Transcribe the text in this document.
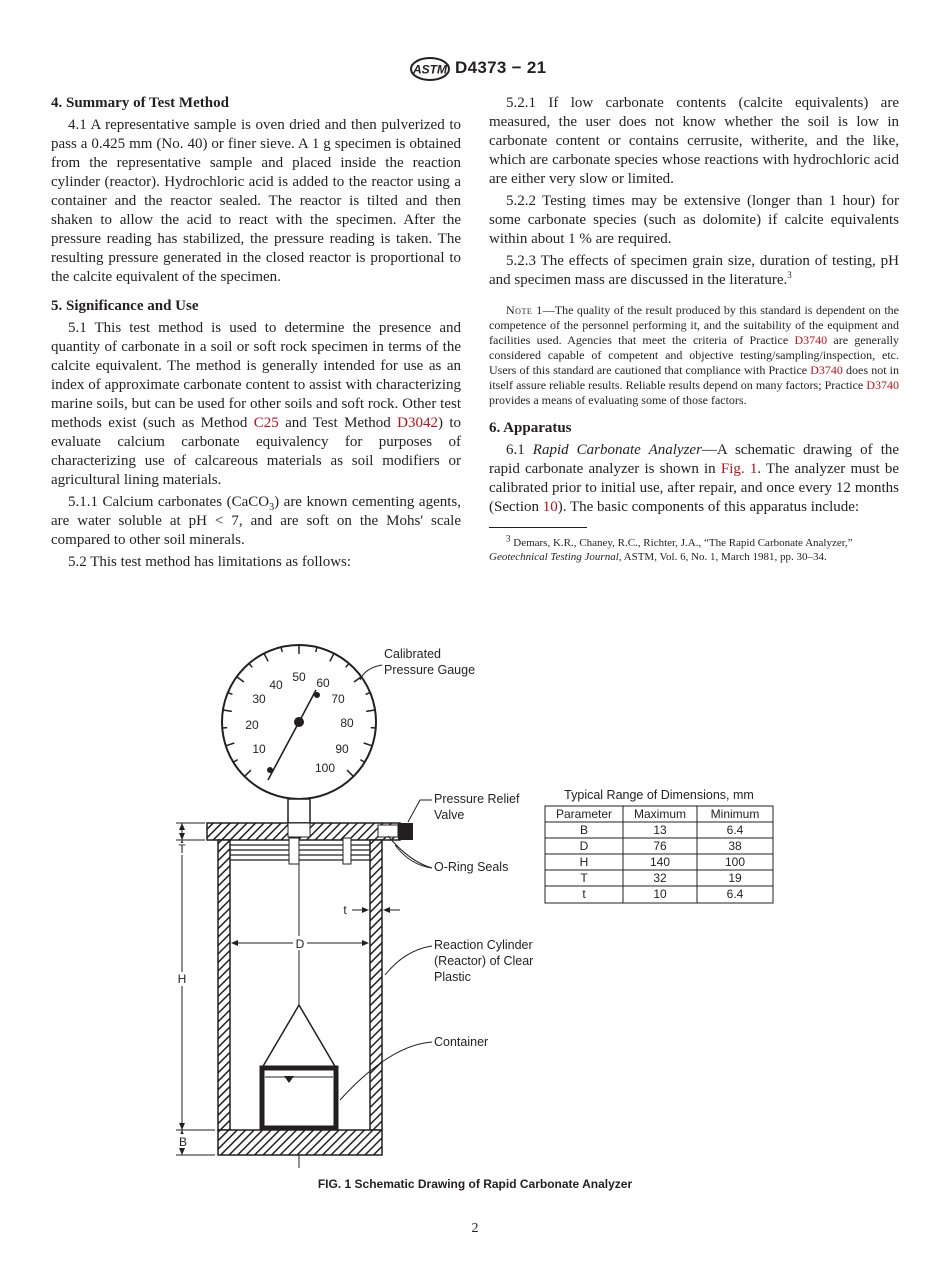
ASTM D4373 − 21
4. Summary of Test Method

4.1 A representative sample is oven dried and then pulverized to pass a 0.425 mm (No. 40) or finer sieve. A 1 g specimen is obtained from the representative sample and placed inside the reaction cylinder (reactor). Hydrochloric acid is added to the reactor using a container and the reactor sealed. The reactor is tilted and then shaken to allow the acid to react with the specimen. After the pressure reading has stabilized, the pressure reading is taken. The resulting pressure generated in the closed reactor is proportional to the calcite equivalent of the specimen.

5. Significance and Use

5.1 This test method is used to determine the presence and quantity of carbonate in a soil or soft rock specimen in terms of the calcite equivalent. The method is generally intended for use as an index of approximate carbonate content to assist with characterizing marine soils, but can be used for other soils and soft rock. Other test methods exist (such as Method C25 and Test Method D3042) to evaluate calcium carbonate equivalency for purposes of characterizing use of calcareous materials as soil modifiers or agricultural lining materials.

5.1.1 Calcium carbonates (CaCO$_3$) are known cementing agents, are water soluble at pH < 7, and are soft on the Mohs' scale compared to other soil minerals.

5.2 This test method has limitations as follows:

5.2.1 If low carbonate contents (calcite equivalents) are measured, the user does not know whether the soil is low in carbonate content or contains cerrusite, witherite, and the like, which are carbonate species whose reactions with hydrochloric acid are either very slow or limited.

5.2.2 Testing times may be extensive (longer than 1 hour) for some carbonate species (such as dolomite) if calcite equivalents within about 1 % are required.

5.2.3 The effects of specimen grain size, duration of testing, pH and specimen mass are discussed in the literature.$^3$

Note 1—The quality of the result produced by this standard is dependent on the competence of the personnel performing it, and the suitability of the equipment and facilities used. Agencies that meet the criteria of Practice D3740 are generally considered capable of competent and objective testing/sampling/inspection, etc. Users of this standard are cautioned that compliance with Practice D3740 does not in itself assure reliable results. Reliable results depend on many factors; Practice D3740 provides a means of evaluating some of those factors.

6. Apparatus

6.1 Rapid Carbonate Analyzer—A schematic drawing of the rapid carbonate analyzer is shown in Fig. 1. The analyzer must be calibrated prior to initial use, after repair, and once every 12 months (Section 10). The basic components of this apparatus include:

$^3$ Demars, K.R., Chaney, R.C., Richter, J.A., “The Rapid Carbonate Analyzer,” Geotechnical Testing Journal, ASTM, Vol. 6, No. 1, March 1981, pp. 30–34.

10
20
30
40
50 60
70
80
90
100
T
H
B
D
t
Calibrated
Pressure Gauge
Pressure Relief
Valve
O-Ring Seals
Reaction Cylinder
(Reactor) of Clear
Plastic
Container
Typical Range of Dimensions, mm
Parameter Maximum Minimum
B	13	6.4
D	76	38
H	140	100
T	32	19
t	10	6.4
FIG. 1 Schematic Drawing of Rapid Carbonate Analyzer
2
